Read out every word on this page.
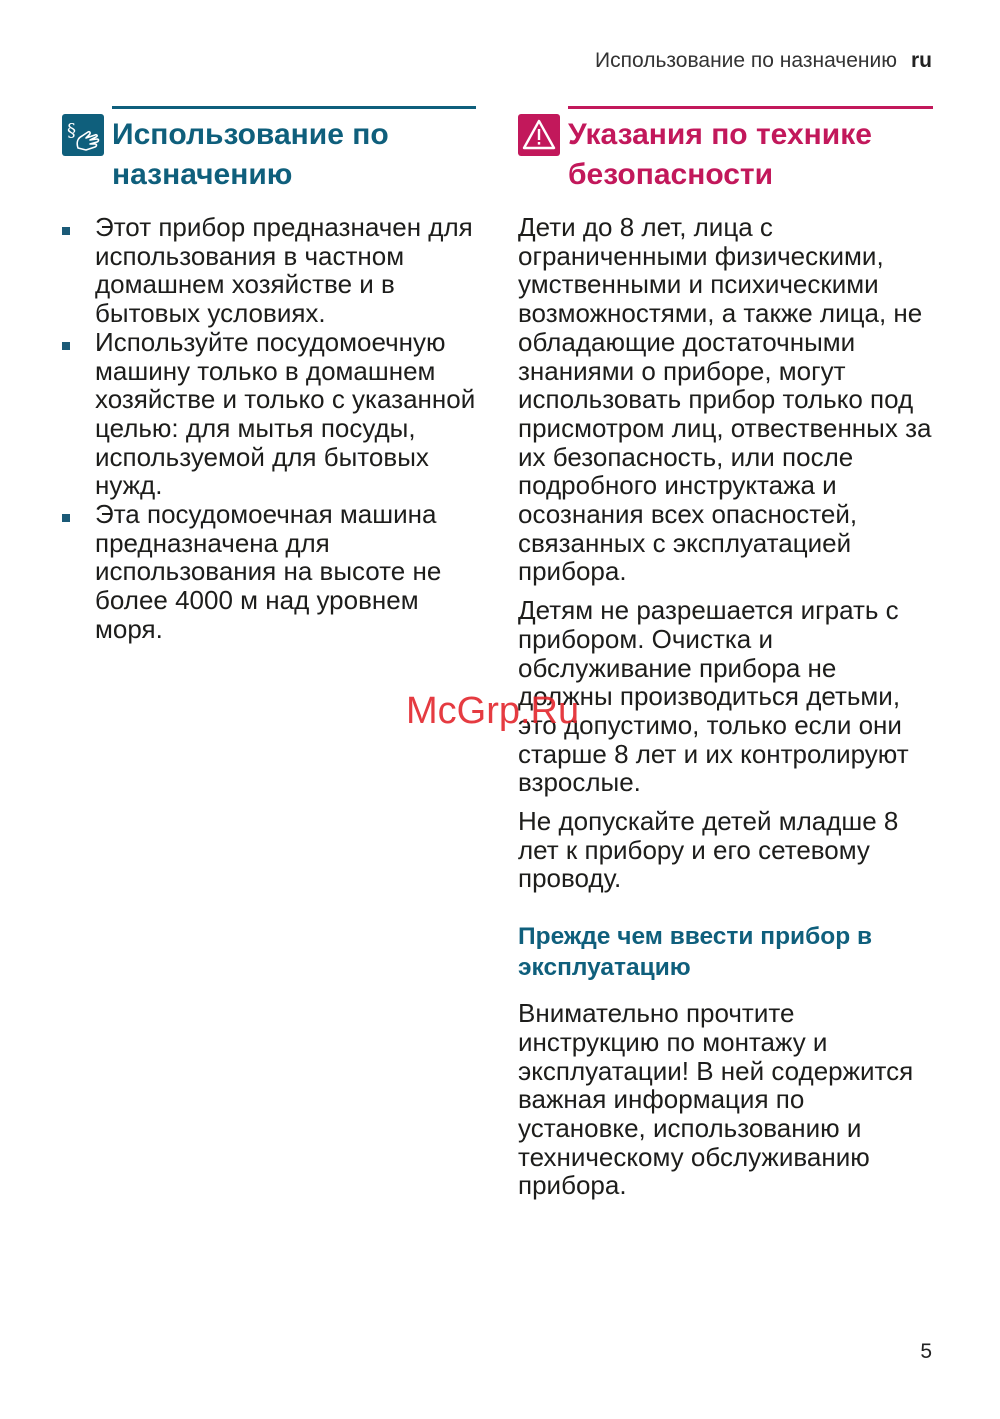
Использование по назначению ru
§ Использование по назначению
Этот прибор предназначен для использования в частном домашнем хозяйстве и в бытовых условиях.
Используйте посудомоечную машину только в домашнем хозяйстве и только с указанной целью: для мытья посуды, используемой для бытовых нужд.
Эта посудомоечная машина предназначена для использования на высоте не более 4000 м над уровнем моря.
Указания по технике безопасности

Дети до 8 лет, лица с ограниченными физическими, умственными и психическими возможностями, а также лица, не обладающие достаточными знаниями о приборе, могут использовать прибор только под присмотром лиц, отвественных за их безопасность, или после подробного инструктажа и осознания всех опасностей, связанных с эксплуатацией прибора.

Детям не разрешается играть с прибором. Очистка и обслуживание прибора не должны производиться детьми, это допустимо, только если они старше 8 лет и их контролируют взрослые.

Не допускайте детей младше 8 лет к прибору и его сетевому проводу.

Прежде чем ввести прибор в эксплуатацию

Внимательно прочтите инструкцию по монтажу и эксплуатации! В ней содержится важная информация по установке, использованию и техническому обслуживанию прибора.

McGrp.Ru
5
